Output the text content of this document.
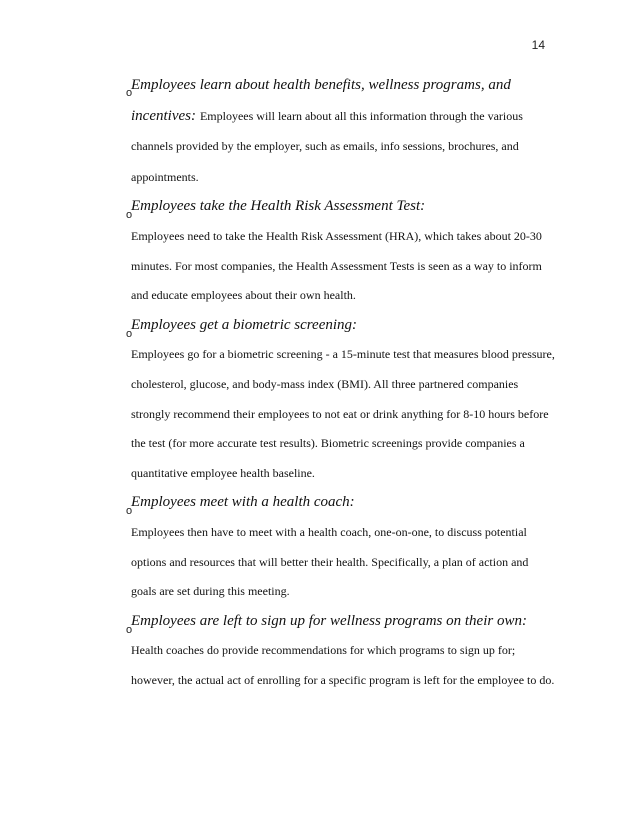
14
o
Employees learn about health benefits, wellness programs, and incentives: Employees will learn about all this information through the various channels provided by the employer, such as emails, info sessions, brochures, and appointments.
o
Employees take the Health Risk Assessment Test:
Employees need to take the Health Risk Assessment (HRA), which takes about 20-30 minutes. For most companies, the Health Assessment Tests is seen as a way to inform and educate employees about their own health.
o
Employees get a biometric screening:
Employees go for a biometric screening - a 15-minute test that measures blood pressure, cholesterol, glucose, and body-mass index (BMI). All three partnered companies strongly recommend their employees to not eat or drink anything for 8-10 hours before the test (for more accurate test results). Biometric screenings provide companies a quantitative employee health baseline.
o
Employees meet with a health coach:
Employees then have to meet with a health coach, one-on-one, to discuss potential options and resources that will better their health. Specifically, a plan of action and goals are set during this meeting.
o
Employees are left to sign up for wellness programs on their own:
Health coaches do provide recommendations for which programs to sign up for; however, the actual act of enrolling for a specific program is left for the employee to do.
